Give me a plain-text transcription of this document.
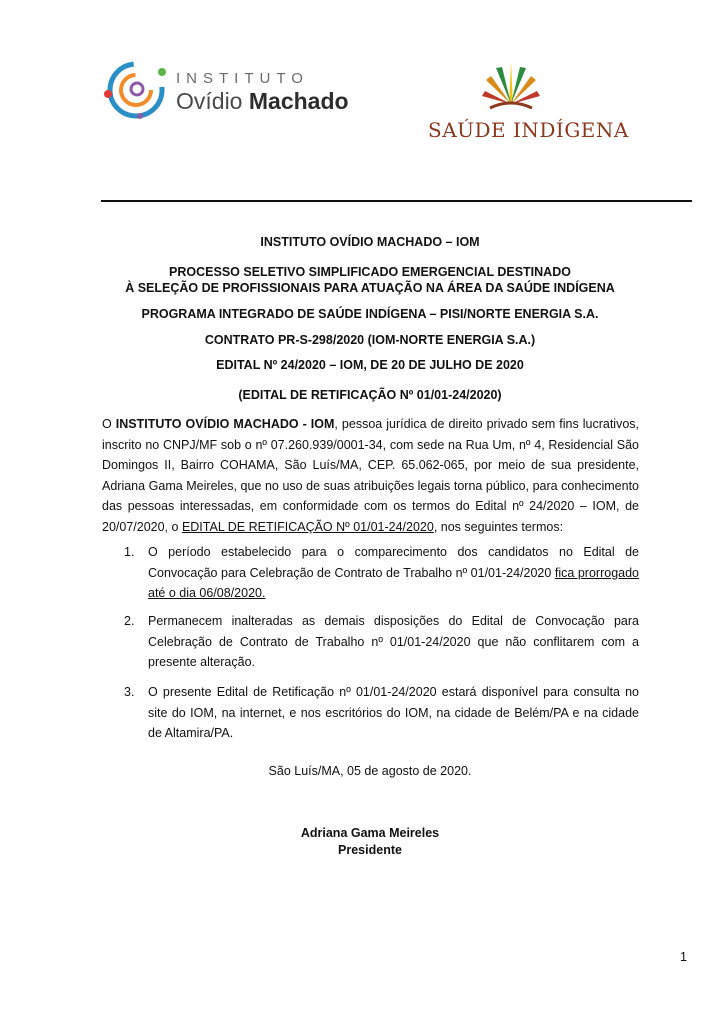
INSTITUTO
Ovídio Machado
SAÚDE INDÍGENA
INSTITUTO OVÍDIO MACHADO – IOM
PROCESSO SELETIVO SIMPLIFICADO EMERGENCIAL DESTINADO
À SELEÇÃO DE PROFISSIONAIS PARA ATUAÇÃO NA ÁREA DA SAÚDE INDÍGENA
PROGRAMA INTEGRADO DE SAÚDE INDÍGENA – PISI/NORTE ENERGIA S.A.
CONTRATO PR-S-298/2020 (IOM-NORTE ENERGIA S.A.)
EDITAL Nº 24/2020 – IOM, DE 20 DE JULHO DE 2020
(EDITAL DE RETIFICAÇÃO Nº 01/01-24/2020)
O INSTITUTO OVÍDIO MACHADO - IOM, pessoa jurídica de direito privado sem fins lucrativos, inscrito no CNPJ/MF sob o nº 07.260.939/0001-34, com sede na Rua Um, nº 4, Residencial São Domingos II, Bairro COHAMA, São Luís/MA, CEP. 65.062-065, por meio de sua presidente, Adriana Gama Meireles, que no uso de suas atribuições legais torna público, para conhecimento das pessoas interessadas, em conformidade com os termos do Edital nº 24/2020 – IOM, de 20/07/2020, o EDITAL DE RETIFICAÇÃO Nº 01/01-24/2020, nos seguintes termos:
1. O período estabelecido para o comparecimento dos candidatos no Edital de Convocação para Celebração de Contrato de Trabalho nº 01/01-24/2020 fica prorrogado até o dia 06/08/2020.
2. Permanecem inalteradas as demais disposições do Edital de Convocação para Celebração de Contrato de Trabalho nº 01/01-24/2020 que não conflitarem com a presente alteração.
3. O presente Edital de Retificação nº 01/01-24/2020 estará disponível para consulta no site do IOM, na internet, e nos escritórios do IOM, na cidade de Belém/PA e na cidade de Altamira/PA.
São Luís/MA, 05 de agosto de 2020.
Adriana Gama Meireles
Presidente
1
